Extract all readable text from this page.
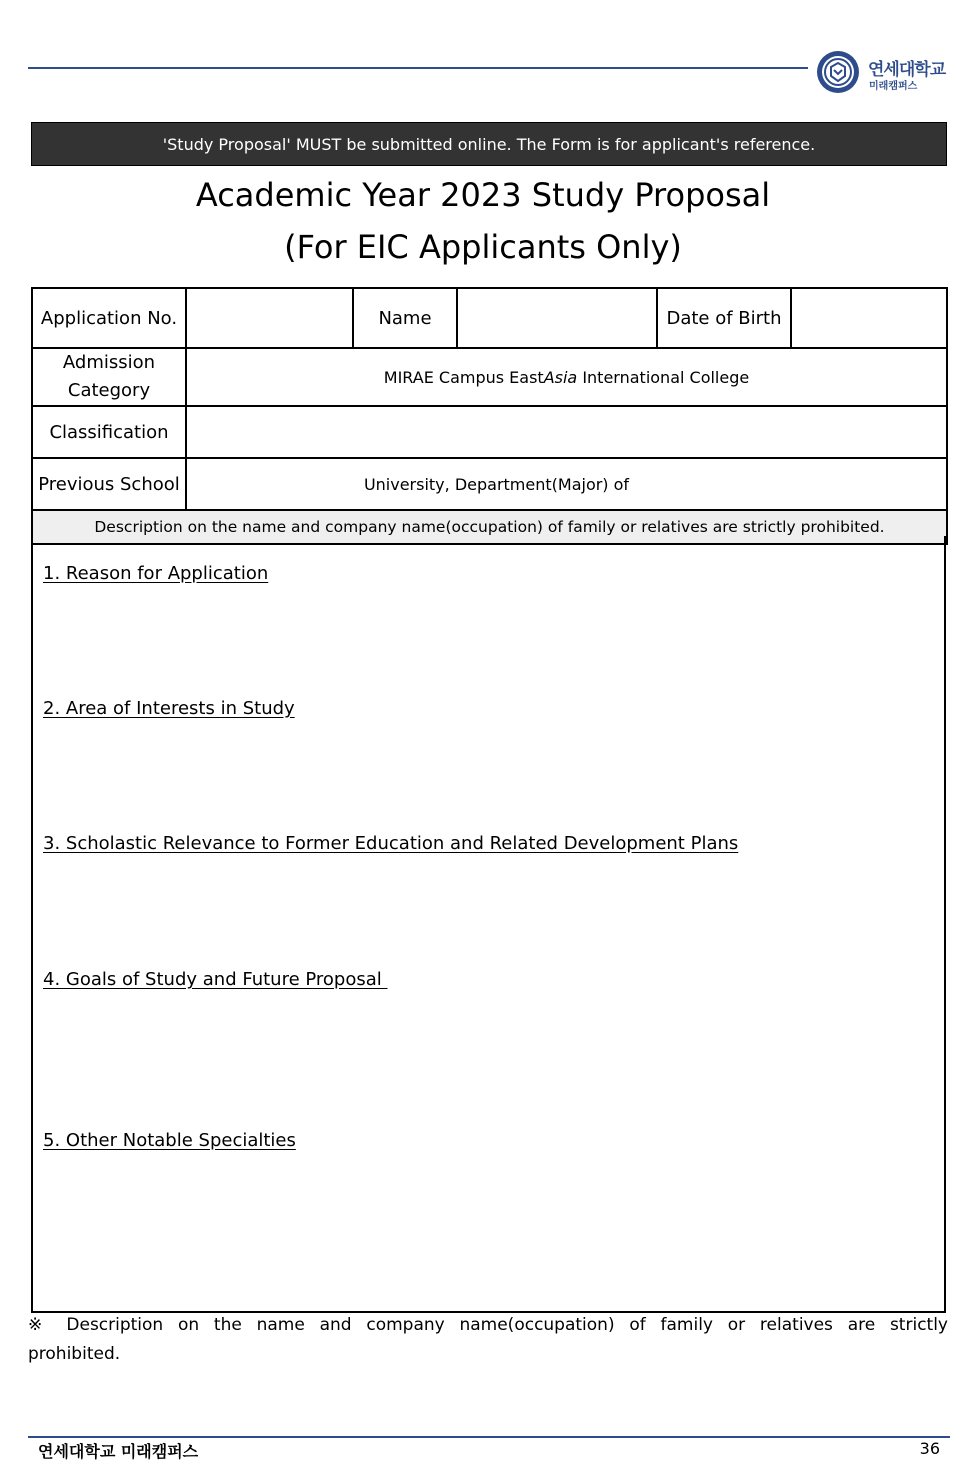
연세대학교
미래캠퍼스
'Study Proposal' MUST be submitted online. The Form is for applicant's reference.
Academic Year 2023 Study Proposal
(For EIC Applicants Only)
Application No.		Name		Date of Birth	
Admission Category	MIRAE Campus EastAsia International College				
Classification					
Previous School	University, Department(Major) of				
Description on the name and company name(occupation) of family or relatives are strictly prohibited.					
1. Reason for Application
2. Area of Interests in Study
3. Scholastic Relevance to Former Education and Related Development Plans
4. Goals of Study and Future Proposal
5. Other Notable Specialties
※ Description on the name and company name(occupation) of family or relatives are strictly
prohibited.
연세대학교 미래캠퍼스	36
